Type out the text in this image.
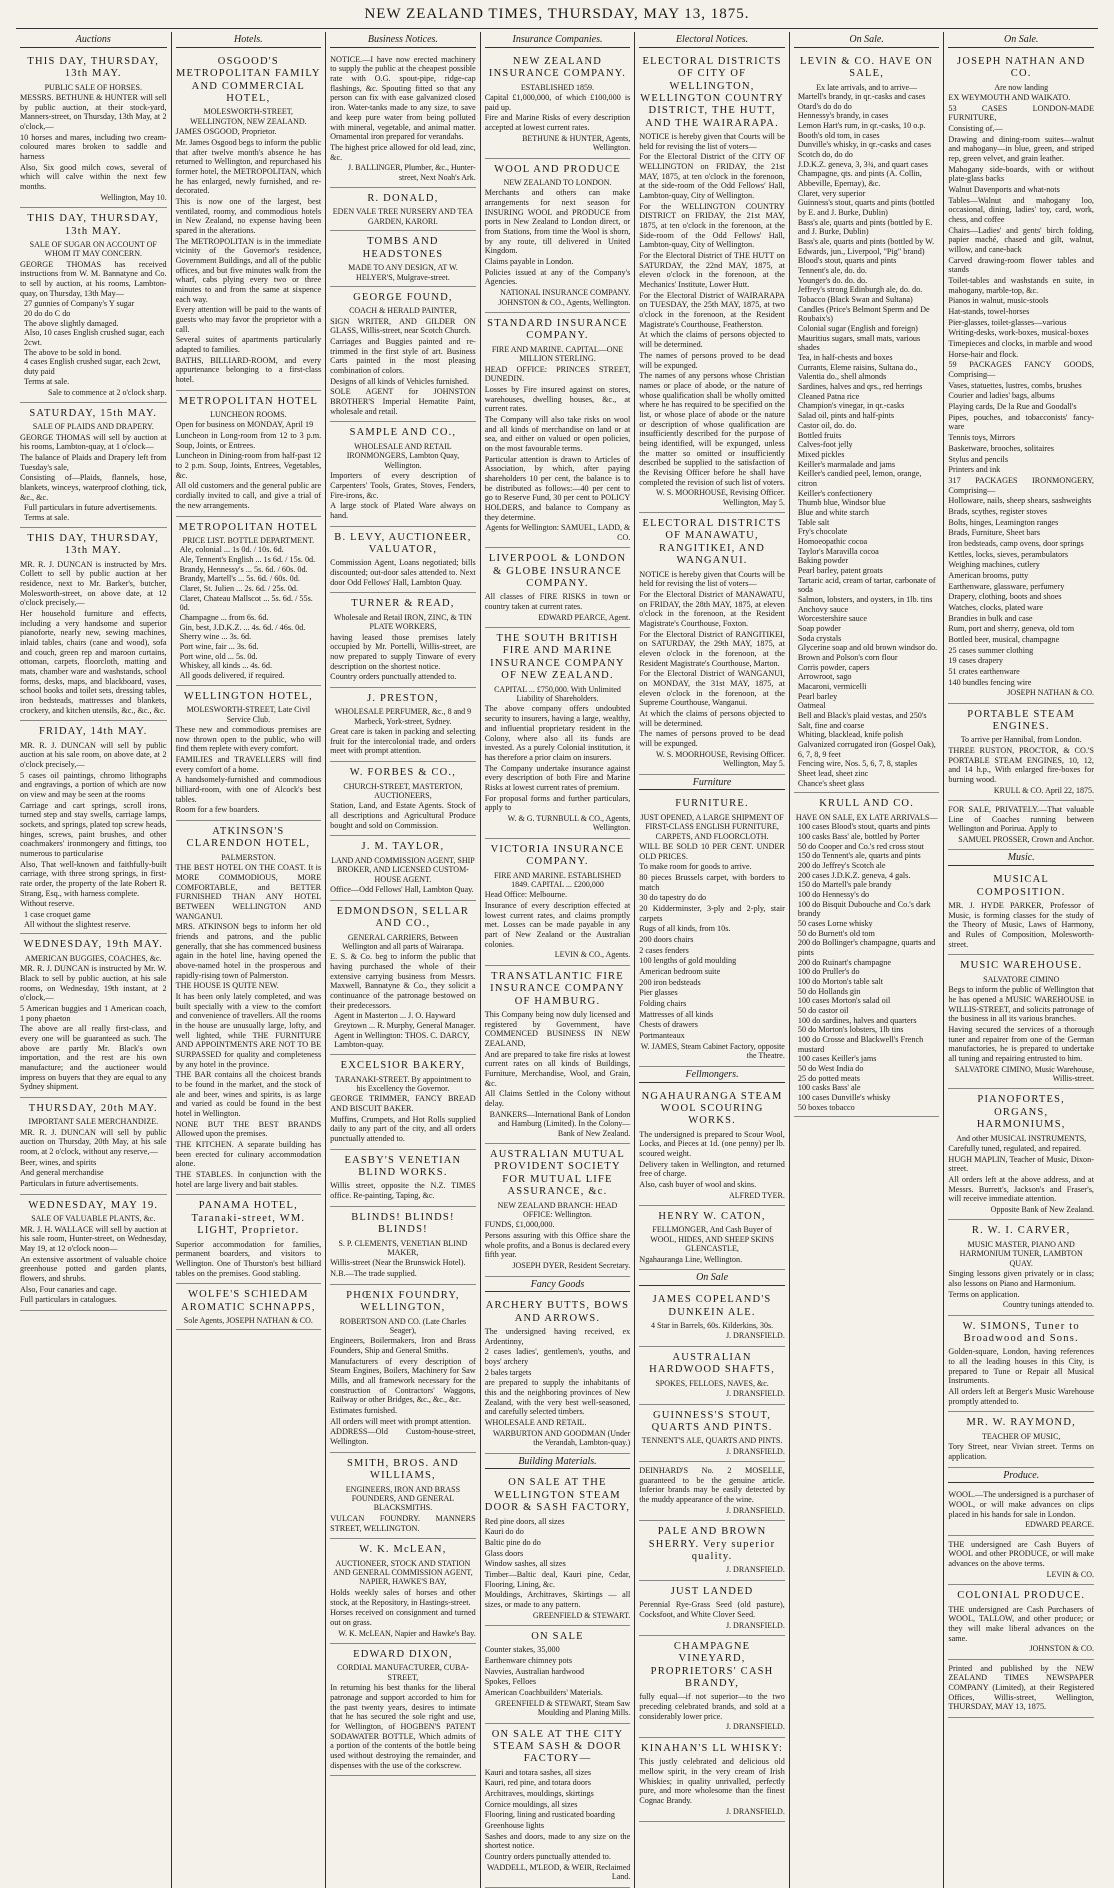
NEW ZEALAND TIMES, THURSDAY, MAY 13, 1875.
Auctions
THIS DAY, THURSDAY, 13th MAY.
PUBLIC SALE OF HORSES.

MESSRS. BETHUNE & HUNTER will sell by public auction, at their stock-yard, Manners-street, on Thursday, 13th May, at 2 o'clock,—

10 horses and mares, including two cream-coloured mares broken to saddle and harness

Also, Six good milch cows, several of which will calve within the next few months.

Wellington, May 10.
THIS DAY, THURSDAY, 13th MAY.
SALE OF SUGAR ON ACCOUNT OF WHOM IT MAY CONCERN.

GEORGE THOMAS has received instructions from W. M. Bannatyne and Co. to sell by auction, at his rooms, Lambton-quay, on Thursday, 13th May—

27 gunnies of Company's Y sugar

20 do do C do

The above slightly damaged.

Also, 10 cases English crushed sugar, each 2cwt.

The above to be sold in bond.

4 cases English crushed sugar, each 2cwt, duty paid

Terms at sale.

Sale to commence at 2 o'clock sharp.
SATURDAY, 15th MAY.
SALE OF PLAIDS AND DRAPERY.

GEORGE THOMAS will sell by auction at his rooms, Lambton-quay, at 1 o'clock—

The balance of Plaids and Drapery left from Tuesday's sale,

Consisting of—Plaids, flannels, hose, blankets, winceys, waterproof clothing, tick, &c., &c.

Full particulars in future advertisements.

Terms at sale.

THIS DAY, THURSDAY, 13th MAY.

MR. R. J. DUNCAN is instructed by Mrs. Collett to sell by public auction at her residence, next to Mr. Barker's, butcher, Molesworth-street, on above date, at 12 o'clock precisely,—

Her household furniture and effects, including a very handsome and superior pianoforte, nearly new, sewing machines, inlaid tables, chairs (cane and wood), sofa and couch, green rep and maroon curtains, ottoman, carpets, floorcloth, matting and mats, chamber ware and washstands, school forms, desks, maps, and blackboard, vases, school books and toilet sets, dressing tables, iron bedsteads, mattresses and blankets, crockery, and kitchen utensils, &c., &c., &c.

FRIDAY, 14th MAY.

MR. R. J. DUNCAN will sell by public auction at his sale room, on above date, at 2 o'clock precisely,—

5 cases oil paintings, chromo lithographs and engravings, a portion of which are now on view and may be seen at the rooms

Carriage and cart springs, scroll irons, turned step and stay swells, carriage lamps, sockets, and springs, plated top screw heads, hinges, screws, paint brushes, and other coachmakers' ironmongery and fittings, too numerous to particularise

Also, That well-known and faithfully-built carriage, with three strong springs, in first-rate order, the property of the late Robert R. Strang, Esq., with harness complete.

Without reserve.

1 case croquet game

All without the slightest reserve.

WEDNESDAY, 19th MAY.
AMERICAN BUGGIES, COACHES, &c.

MR. R. J. DUNCAN is instructed by Mr. W. Black to sell by public auction, at his sale rooms, on Wednesday, 19th instant, at 2 o'clock,—

5 American buggies and 1 American coach, 1 pony phaeton

The above are all really first-class, and every one will be guaranteed as such. The above are partly Mr. Black's own importation, and the rest are his own manufacture; and the auctioneer would impress on buyers that they are equal to any Sydney shipment.

THURSDAY, 20th MAY.
IMPORTANT SALE MERCHANDIZE.

MR. R. J. DUNCAN will sell by public auction on Thursday, 20th May, at his sale room, at 2 o'clock, without any reserve,—

Beer, wines, and spirits

And general merchandise

Particulars in future advertisements.

WEDNESDAY, MAY 19.
SALE OF VALUABLE PLANTS, &c.

MR. J. H. WALLACE will sell by auction at his sale room, Hunter-street, on Wednesday, May 19, at 12 o'clock noon—

An extensive assortment of valuable choice greenhouse potted and garden plants, flowers, and shrubs.

Also, Four canaries and cage.

Full particulars in catalogues.

Hotels.
OSGOOD'S METROPOLITAN FAMILY AND COMMERCIAL HOTEL,
MOLESWORTH-STREET, WELLINGTON, NEW ZEALAND.

JAMES OSGOOD, Proprietor.

Mr. James Osgood begs to inform the public that after twelve month's absence he has returned to Wellington, and repurchased his former hotel, the METROPOLITAN, which he has enlarged, newly furnished, and re-decorated.

This is now one of the largest, best ventilated, roomy, and commodious hotels in New Zealand, no expense having been spared in the alterations.

The METROPOLITAN is in the immediate vicinity of the Governor's residence, Government Buildings, and all of the public offices, and but five minutes walk from the wharf, cabs plying every two or three minutes to and from the same at sixpence each way.

Every attention will be paid to the wants of guests who may favor the proprietor with a call.

Several suites of apartments particularly adapted to families.

BATHS, BILLIARD-ROOM, and every appurtenance belonging to a first-class hotel.

METROPOLITAN HOTEL
LUNCHEON ROOMS.

Open for business on MONDAY, April 19

Luncheon in Long-room from 12 to 3 p.m. Soup, Joints, or Entrees.

Luncheon in Dining-room from half-past 12 to 2 p.m. Soup, Joints, Entrees, Vegetables, &c.

All old customers and the general public are cordially invited to call, and give a trial of the new arrangements.

METROPOLITAN HOTEL
PRICE LIST. BOTTLE DEPARTMENT.

Ale, colonial ... 1s 0d. / 10s. 6d.

Ale, Tennent's English ... 1s 6d. / 15s. 0d.

Brandy, Hennessy's ... 5s. 6d. / 60s. 0d.

Brandy, Martell's ... 5s. 6d. / 60s. 0d.

Claret, St. Julien ... 2s. 6d. / 25s. 0d.

Claret, Chateau Mallscot ... 5s. 6d. / 55s. 0d.

Champagne ... from 6s. 6d.

Gin, best, J.D.K.Z. ... 4s. 6d. / 46s. 0d.

Sherry wine ... 3s. 6d.

Port wine, fair ... 3s. 6d.

Port wine, old ... 5s. 0d.

Whiskey, all kinds ... 4s. 6d.

All goods delivered, if required.

WELLINGTON HOTEL,
MOLESWORTH-STREET, Late Civil Service Club.

These new and commodious premises are now thrown open to the public, who will find them replete with every comfort.

FAMILIES and TRAVELLERS will find every comfort of a home.

A handsomely-furnished and commodious billiard-room, with one of Alcock's best tables.

Room for a few boarders.

ATKINSON'S CLARENDON HOTEL,
PALMERSTON.

THE BEST HOTEL ON THE COAST. It is MORE COMMODIOUS, MORE COMFORTABLE, and BETTER FURNISHED THAN ANY HOTEL BETWEEN WELLINGTON AND WANGANUI.

MRS. ATKINSON begs to inform her old friends and patrons, and the public generally, that she has commenced business again in the hotel line, having opened the above-named hotel in the prosperous and rapidly-rising town of Palmerston.

THE HOUSE IS QUITE NEW.

It has been only lately completed, and was built specially with a view to the comfort and convenience of travellers. All the rooms in the house are unusually large, lofty, and well lighted, while THE FURNITURE AND APPOINTMENTS ARE NOT TO BE SURPASSED for quality and completeness by any hotel in the province.

THE BAR contains all the choicest brands to be found in the market, and the stock of ale and beer, wines and spirits, is as large and varied as could be found in the best hotel in Wellington.

NONE BUT THE BEST BRANDS Allowed upon the premises.

THE KITCHEN. A separate building has been erected for culinary accommodation alone.

THE STABLES. In conjunction with the hotel are large livery and bait stables.

PANAMA HOTEL, Taranaki-street, WM. LIGHT, Proprietor.

Superior accommodation for families, permanent boarders, and visitors to Wellington. One of Thurston's best billiard tables on the premises. Good stabling.

WOLFE'S SCHIEDAM AROMATIC SCHNAPPS,
Sole Agents, JOSEPH NATHAN & CO.
Business Notices.

NOTICE.—I have now erected machinery to supply the public at the cheapest possible rate with O.G. spout-pipe, ridge-cap flashings, &c. Spouting fitted so that any person can fix with ease galvanized closed iron. Water-tanks made to any size, to save and keep pure water from being polluted with mineral, vegetable, and animal matter. Ornamental iron prepared for verandahs.

The highest price allowed for old lead, zinc, &c.

J. BALLINGER, Plumber, &c., Hunter-street, Next Noah's Ark.
R. DONALD,
EDEN VALE TREE NURSERY AND TEA GARDEN, KARORI.
TOMBS AND HEADSTONES
MADE TO ANY DESIGN, AT W. HELYER'S, Mulgrave-street.
GEORGE FOUND,
COACH & HERALD PAINTER,

SIGN WRITER, AND GILDER ON GLASS, Willis-street, near Scotch Church.

Carriages and Buggies painted and re-trimmed in the first style of art. Business Carts painted in the most pleasing combination of colors.

Designs of all kinds of Vehicles furnished.

SOLE AGENT for JOHNSTON BROTHER'S Imperial Hematite Paint, wholesale and retail.

SAMPLE AND CO.,
WHOLESALE AND RETAIL IRONMONGERS, Lambton Quay, Wellington.

Importers of every description of Carpenters' Tools, Grates, Stoves, Fenders, Fire-irons, &c.

A large stock of Plated Ware always on hand.

B. LEVY, AUCTIONEER, VALUATOR,

Commission Agent, Loans negotiated; bills discounted; out-door sales attended to. Next door Odd Fellows' Hall, Lambton Quay.

TURNER & READ,
Wholesale and Retail IRON, ZINC, & TIN PLATE WORKERS,

having leased those premises lately occupied by Mr. Portelli, Willis-street, are now prepared to supply Tinware of every description on the shortest notice.

Country orders punctually attended to.

J. PRESTON,
WHOLESALE PERFUMER, &c., 8 and 9 Marbeck, York-street, Sydney.

Great care is taken in packing and selecting fruit for the intercolonial trade, and orders meet with prompt attention.

W. FORBES & CO.,
CHURCH-STREET, MASTERTON, AUCTIONEERS,

Station, Land, and Estate Agents. Stock of all descriptions and Agricultural Produce bought and sold on Commission.

J. M. TAYLOR,
LAND AND COMMISSION AGENT, SHIP BROKER, AND LICENSED CUSTOM-HOUSE AGENT.

Office—Odd Fellows' Hall, Lambton Quay.

EDMONDSON, SELLAR AND CO.,
GENERAL CARRIERS, Between Wellington and all parts of Wairarapa.

E. S. & Co. beg to inform the public that having purchased the whole of their extensive carrying business from Messrs. Maxwell, Bannatyne & Co., they solicit a continuance of the patronage bestowed on their predecessors.

Agent in Masterton ... J. O. Hayward

Greytown ... R. Murphy, General Manager.

Agent in Wellington: THOS. C. DARCY, Lambton-quay.

EXCELSIOR BAKERY,
TARANAKI-STREET. By appointment to his Excellency the Governor.

GEORGE TRIMMER, FANCY BREAD AND BISCUIT BAKER.

Muffins, Crumpets, and Hot Rolls supplied daily to any part of the city, and all orders punctually attended to.

EASBY'S VENETIAN BLIND WORKS.

Willis street, opposite the N.Z. TIMES office. Re-painting, Taping, &c.

BLINDS! BLINDS! BLINDS!
S. P. CLEMENTS, VENETIAN BLIND MAKER,

Willis-street (Near the Brunswick Hotel).

N.B.—The trade supplied.

PHŒNIX FOUNDRY, WELLINGTON,
ROBERTSON AND CO. (Late Charles Seager),

Engineers, Boilermakers, Iron and Brass Founders, Ship and General Smiths.

Manufacturers of every description of Steam Engines, Boilers, Machinery for Saw Mills, and all framework necessary for the construction of Contractors' Waggons, Railway or other Bridges, &c., &c., &c.

Estimates furnished.

All orders will meet with prompt attention.

ADDRESS—Old Custom-house-street, Wellington.

SMITH, BROS. AND WILLIAMS,
ENGINEERS, IRON AND BRASS FOUNDERS, AND GENERAL BLACKSMITHS.

VULCAN FOUNDRY. MANNERS STREET, WELLINGTON.

W. K. McLEAN,
AUCTIONEER, STOCK AND STATION AND GENERAL COMMISSION AGENT, NAPIER, HAWKE'S BAY,

Holds weekly sales of horses and other stock, at the Repository, in Hastings-street.

Horses received on consignment and turned out on grass.

W. K. McLEAN, Napier and Hawke's Bay.
EDWARD DIXON,
CORDIAL MANUFACTURER, CUBA-STREET,

In returning his best thanks for the liberal patronage and support accorded to him for the past twenty years, desires to intimate that he has secured the sole right and use, for Wellington, of HOGBEN'S PATENT SODAWATER BOTTLE, Which admits of a portion of the contents of the bottle being used without destroying the remainder, and dispenses with the use of the corkscrew.

Insurance Companies.
NEW ZEALAND INSURANCE COMPANY.
ESTABLISHED 1859.

Capital £1,000,000, of which £100,000 is paid up.

Fire and Marine Risks of every description accepted at lowest current rates.

BETHUNE & HUNTER, Agents, Wellington.
WOOL AND PRODUCE
NEW ZEALAND TO LONDON.

Merchants and others can make arrangements for next season for INSURING WOOL and PRODUCE from ports in New Zealand to London direct, or from Stations, from time the Wool is shorn, by any route, till delivered in United Kingdom.

Claims payable in London.

Policies issued at any of the Company's Agencies.

NATIONAL INSURANCE COMPANY. JOHNSTON & CO., Agents, Wellington.
STANDARD INSURANCE COMPANY.
FIRE AND MARINE. CAPITAL—ONE MILLION STERLING.

HEAD OFFICE: PRINCES STREET, DUNEDIN.

Losses by Fire insured against on stores, warehouses, dwelling houses, &c., at current rates.

The Company will also take risks on wool and all kinds of merchandise on land or at sea, and either on valued or open policies, on the most favourable terms.

Particular attention is drawn to Articles of Association, by which, after paying shareholders 10 per cent, the balance is to be distributed as follows:—40 per cent to go to Reserve Fund, 30 per cent to POLICY HOLDERS, and balance to Company as they determine.

Agents for Wellington: SAMUEL, LADD, & CO.
LIVERPOOL & LONDON & GLOBE INSURANCE COMPANY.

All classes of FIRE RISKS in town or country taken at current rates.

EDWARD PEARCE, Agent.
THE SOUTH BRITISH FIRE AND MARINE INSURANCE COMPANY OF NEW ZEALAND.
CAPITAL ... £750,000. With Unlimited Liability of Shareholders.

The above company offers undoubted security to insurers, having a large, wealthy, and influential proprietary resident in the Colony, where also all its funds are invested. As a purely Colonial institution, it has therefore a prior claim on insurers.

The Company undertake insurance against every description of both Fire and Marine Risks at lowest current rates of premium.

For proposal forms and further particulars, apply to

W. & G. TURNBULL & CO., Agents, Wellington.
VICTORIA INSURANCE COMPANY.
FIRE AND MARINE. ESTABLISHED 1849. CAPITAL ... £200,000

Head Office: Melbourne.

Insurance of every description effected at lowest current rates, and claims promptly met. Losses can be made payable in any part of New Zealand or the Australian colonies.

LEVIN & CO., Agents.
TRANSATLANTIC FIRE INSURANCE COMPANY OF HAMBURG.

This Company being now duly licensed and registered by Government, have COMMENCED BUSINESS IN NEW ZEALAND,

And are prepared to take fire risks at lowest current rates on all kinds of Buildings, Furniture, Merchandise, Wool, and Grain, &c.

All Claims Settled in the Colony without delay.

BANKERS—International Bank of London and Hamburg (Limited). In the Colony—Bank of New Zealand.
AUSTRALIAN MUTUAL PROVIDENT SOCIETY FOR MUTUAL LIFE ASSURANCE, &c.
NEW ZEALAND BRANCH: HEAD OFFICE: Wellington.

FUNDS, £1,000,000.

Persons assuring with this Office share the whole profits, and a Bonus is declared every fifth year.

JOSEPH DYER, Resident Secretary.
Fancy Goods
ARCHERY BUTTS, BOWS AND ARROWS.

The undersigned having received, ex Ardentinny,

2 cases ladies', gentlemen's, youths, and boys' archery

2 bales targets

are prepared to supply the inhabitants of this and the neighboring provinces of New Zealand, with the very best well-seasoned, and carefully selected timbers.

WHOLESALE AND RETAIL.

WARBURTON AND GOODMAN (Under the Verandah, Lambton-quay.)
Building Materials.
ON SALE AT THE WELLINGTON STEAM DOOR & SASH FACTORY,

Red pine doors, all sizes

Kauri do do

Baltic pine do do

Glass doors

Window sashes, all sizes

Timber—Baltic deal, Kauri pine, Cedar, Flooring, Lining, &c.

Mouldings, Architraves, Skirtings — all sizes, or made to any pattern.

GREENFIELD & STEWART.
ON SALE

Counter stakes, 35,000

Earthenware chimney pots

Navvies, Australian hardwood

Spokes, Felloes

American Coachbuilders' Materials.

GREENFIELD & STEWART, Steam Saw Moulding and Planing Mills.
ON SALE AT THE CITY STEAM SASH & DOOR FACTORY—

Kauri and totara sashes, all sizes

Kauri, red pine, and totara doors

Architraves, mouldings, skirtings

Cornice mouldings, all sizes

Flooring, lining and rusticated boarding

Greenhouse lights

Sashes and doors, made to any size on the shortest notice.

Country orders punctually attended to.

WADDELL, M'LEOD, & WEIR, Reclaimed Land.
Electoral Notices.
ELECTORAL DISTRICTS OF CITY OF WELLINGTON, WELLINGTON COUNTRY DISTRICT, THE HUTT, AND THE WAIRARAPA.

NOTICE is hereby given that Courts will be held for revising the list of voters—

For the Electoral District of the CITY OF WELLINGTON on FRIDAY, the 21st MAY, 1875, at ten o'clock in the forenoon, at the side-room of the Odd Fellows' Hall, Lambton-quay, City of Wellington.

For the WELLINGTON COUNTRY DISTRICT on FRIDAY, the 21st MAY, 1875, at ten o'clock in the forenoon, at the Side-room of the Odd Fellows' Hall, Lambton-quay, City of Wellington.

For the Electoral District of THE HUTT on SATURDAY, the 22nd MAY, 1875, at eleven o'clock in the forenoon, at the Mechanics' Institute, Lower Hutt.

For the Electoral District of WAIRARAPA on TUESDAY, the 25th MAY, 1875, at two o'clock in the forenoon, at the Resident Magistrate's Courthouse, Featherston.

At which the claims of persons objected to will be determined.

The names of persons proved to be dead will be expunged.

The names of any persons whose Christian names or place of abode, or the nature of whose qualification shall be wholly omitted where he has required to be specified on the list, or whose place of abode or the nature or description of whose qualification are insufficiently described for the purpose of being identified, will be expunged, unless the matter so omitted or insufficiently described be supplied to the satisfaction of the Revising Officer before he shall have completed the revision of such list of voters.

W. S. MOORHOUSE, Revising Officer. Wellington, May 5.
ELECTORAL DISTRICTS OF MANAWATU, RANGITIKEI, AND WANGANUI.

NOTICE is hereby given that Courts will be held for revising the list of voters—

For the Electoral District of MANAWATU, on FRIDAY, the 28th MAY, 1875, at eleven o'clock in the forenoon, at the Resident Magistrate's Courthouse, Foxton.

For the Electoral District of RANGITIKEI, on SATURDAY, the 29th MAY, 1875, at eleven o'clock in the forenoon, at the Resident Magistrate's Courthouse, Marton.

For the Electoral District of WANGANUI, on MONDAY, the 31st MAY, 1875, at eleven o'clock in the forenoon, at the Supreme Courthouse, Wanganui.

At which the claims of persons objected to will be determined.

The names of persons proved to be dead will be expunged.

W. S. MOORHOUSE, Revising Officer. Wellington, May 5.
Furniture
FURNITURE.
JUST OPENED, A LARGE SHIPMENT OF FIRST-CLASS ENGLISH FURNITURE, CARPETS, AND FLOORCLOTH.

WILL BE SOLD 10 PER CENT. UNDER OLD PRICES.

To make room for goods to arrive.

80 pieces Brussels carpet, with borders to match

30 do tapestry do do

20 Kidderminster, 3-ply and 2-ply, stair carpets

Rugs of all kinds, from 10s.

200 doors chairs

2 cases fenders

100 lengths of gold moulding

American bedroom suite

200 iron bedsteads

Pier glasses

Folding chairs

Mattresses of all kinds

Chests of drawers

Portmanteaux

W. JAMES, Steam Cabinet Factory, opposite the Theatre.
Fellmongers.
NGAHAURANGA STEAM WOOL SCOURING WORKS.

The undersigned is prepared to Scour Wool, Locks, and Pieces at 1d. (one penny) per lb. scoured weight.

Delivery taken in Wellington, and returned free of charge.

Also, cash buyer of wool and skins.

ALFRED TYER.
HENRY W. CATON,
FELLMONGER, And Cash Buyer of WOOL, HIDES, AND SHEEP SKINS GLENCASTLE,

Ngahauranga Line, Wellington.

On Sale
JAMES COPELAND'S DUNKEIN ALE.
4 Star in Barrels, 60s. Kilderkins, 30s.
J. DRANSFIELD.
AUSTRALIAN HARDWOOD SHAFTS,
SPOKES, FELLOES, NAVES, &c.
J. DRANSFIELD.
GUINNESS'S STOUT, QUARTS AND PINTS.
TENNENT'S ALE, QUARTS AND PINTS.
J. DRANSFIELD.

DEINHARD'S No. 2 MOSELLE, guaranteed to be the genuine article. Inferior brands may be easily detected by the muddy appearance of the wine.

J. DRANSFIELD.
PALE AND BROWN SHERRY. Very superior quality.
J. DRANSFIELD.
JUST LANDED

Perennial Rye-Grass Seed (old pasture), Cocksfoot, and White Clover Seed.

J. DRANSFIELD.
CHAMPAGNE VINEYARD, PROPRIETORS' CASH BRANDY,

fully equal—if not superior—to the two preceding celebrated brands, and sold at a considerably lower price.

J. DRANSFIELD.
KINAHAN'S LL WHISKY:

This justly celebrated and delicious old mellow spirit, in the very cream of Irish Whiskies; in quality unrivalled, perfectly pure, and more wholesome than the finest Cognac Brandy.

J. DRANSFIELD.
On Sale.
LEVIN & CO. HAVE ON SALE,
Ex late arrivals, and to arrive—

Martell's brandy, in qr.-casks and cases

Otard's do do do

Hennessy's brandy, in cases

Lemon Hart's rum, in qr.-casks, 10 o.p.

Booth's old tom, in cases

Dunville's whisky, in qr.-casks and cases

Scotch do, do do

J.D.K.Z. geneva, 3, 3¾, and quart cases

Champagne, qts. and pints (A. Collin, Abbeville, Epernay), &c.

Claret, very superior

Guinness's stout, quarts and pints (bottled by E. and J. Burke, Dublin)

Bass's ale, quarts and pints (bottled by E. and J. Burke, Dublin)

Bass's ale, quarts and pints (bottled by W. Edwards, jun., Liverpool, "Pig" brand)

Blood's stout, quarts and pints

Tennent's ale, do. do.

Younger's do. do. do.

Jeffrey's strong Edinburgh ale, do. do.

Tobacco (Black Swan and Sultana)

Candles (Price's Belmont Sperm and De Roubaix's)

Colonial sugar (English and foreign)

Mauritius sugars, small mats, various shades

Tea, in half-chests and boxes

Currants, Eleme raisins, Sultana do., Valentia do., shell almonds

Sardines, halves and qrs., red herrings

Cleaned Patna rice

Champion's vinegar, in qr.-casks

Salad oil, pints and half-pints

Castor oil, do. do.

Bottled fruits

Calves-foot jelly

Mixed pickles

Keiller's marmalade and jams

Keiller's candied peel, lemon, orange, citron

Keiller's confectionery

Thumb blue, Windsor blue

Blue and white starch

Table salt

Fry's chocolate

Homoeopathic cocoa

Taylor's Maravilla cocoa

Baking powder

Pearl barley, patent groats

Tartaric acid, cream of tartar, carbonate of soda

Salmon, lobsters, and oysters, in 1lb. tins

Anchovy sauce

Worcestershire sauce

Soap powder

Soda crystals

Glycerine soap and old brown windsor do.

Brown and Polson's corn flour

Corris powder, capers

Arrowroot, sago

Macaroni, vermicelli

Pearl barley

Oatmeal

Bell and Black's plaid vestas, and 250's

Salt, fine and coarse

Whiting, blacklead, knife polish

Galvanized corrugated iron (Gospel Oak), 6, 7, 8, 9 feet

Fencing wire, Nos. 5, 6, 7, 8, staples

Sheet lead, sheet zinc

Chance's sheet glass

KRULL AND CO.
HAVE ON SALE, EX LATE ARRIVALS—

100 cases Blood's stout, quarts and pints

100 casks Bass' ale, bottled by Porter

50 do Cooper and Co.'s red cross stout

150 do Tennent's ale, quarts and pints

200 do Jeffrey's Scotch ale

200 cases J.D.K.Z. geneva, 4 gals.

150 do Martell's pale brandy

100 do Hennessy's do

100 do Bisquit Dubouche and Co.'s dark brandy

50 cases Lorne whisky

50 do Burnett's old tom

200 do Bollinger's champagne, quarts and pints

200 do Ruinart's champagne

100 do Pruller's do

100 do Morton's table salt

50 do Hollands gin

100 cases Morton's salad oil

50 do castor oil

100 do sardines, halves and quarters

50 do Morton's lobsters, 1lb tins

100 do Crosse and Blackwell's French mustard

100 cases Keiller's jams

50 do West India do

25 do potted meats

100 casks Bass' ale

100 cases Dunville's whisky

50 boxes tobacco

On Sale.
JOSEPH NATHAN AND CO.
Are now landing

EX WEYMOUTH AND WAIKATO.

53 CASES LONDON-MADE FURNITURE,

Consisting of,—

Drawing and dining-room suites—walnut and mahogany—in blue, green, and striped rep, green velvet, and grain leather.

Mahogany side-boards, with or without plate-glass backs

Walnut Davenports and what-nots

Tables—Walnut and mahogany loo, occasional, dining, ladies' toy, card, work, chess, and coffee

Chairs—Ladies' and gents' birch folding, papier maché, chased and gilt, walnut, willow, and cane-back

Carved drawing-room flower tables and stands

Toilet-tables and washstands en suite, in mahogany, marble-top, &c.

Pianos in walnut, music-stools

Hat-stands, towel-horses

Pier-glasses, toilet-glasses—various

Writing-desks, work-boxes, musical-boxes

Timepieces and clocks, in marble and wood

Horse-hair and flock.

59 PACKAGES FANCY GOODS, Comprising—

Vases, statuettes, lustres, combs, brushes

Courier and ladies' bags, albums

Playing cards, De la Rue and Goodall's

Pipes, pouches, and tobacconists' fancy-ware

Tennis toys, Mirrors

Basketware, brooches, solitaires

Stylus and pencils

Printers and ink

317 PACKAGES IRONMONGERY, Comprising—

Holloware, nails, sheep shears, sashweights

Brads, scythes, register stoves

Bolts, hinges, Leamington ranges

Brads, Furniture, Sheet bars

Iron bedsteads, camp ovens, door springs

Kettles, locks, sieves, perambulators

Weighing machines, cutlery

American brooms, putty

Earthenware, glassware, perfumery

Drapery, clothing, boots and shoes

Watches, clocks, plated ware

Brandies in bulk and case

Rum, port and sherry, geneva, old tom

Bottled beer, musical, champagne

25 cases summer clothing

19 cases drapery

51 crates earthenware

140 bundles fencing wire

JOSEPH NATHAN & CO.
PORTABLE STEAM ENGINES.
To arrive per Hannibal, from London.

THREE RUSTON, PROCTOR, & CO.'S PORTABLE STEAM ENGINES, 10, 12, and 14 h.p., With enlarged fire-boxes for burning wood.

KRULL & CO. April 22, 1875.

FOR SALE, PRIVATELY.—That valuable Line of Coaches running between Wellington and Porirua. Apply to

SAMUEL PROSSER, Crown and Anchor.
Music.
MUSICAL COMPOSITION.

MR. J. HYDE PARKER, Professor of Music, is forming classes for the study of the Theory of Music, Laws of Harmony, and Rules of Composition, Molesworth-street.

MUSIC WAREHOUSE.
SALVATORE CIMINO

Begs to inform the public of Wellington that he has opened a MUSIC WAREHOUSE in WILLIS-STREET, and solicits patronage of the business in all its various branches.

Having secured the services of a thorough tuner and repairer from one of the German manufactories, he is prepared to undertake all tuning and repairing entrusted to him.

SALVATORE CIMINO, Music Warehouse, Willis-street.
PIANOFORTES, ORGANS, HARMONIUMS,
And other MUSICAL INSTRUMENTS,

Carefully tuned, regulated, and repaired.

HUGH MAPLIN, Teacher of Music, Dixon-street.

All orders left at the above address, and at Messrs. Burrett's, Jackson's and Fraser's, will receive immediate attention.

Opposite Bank of New Zealand.
R. W. I. CARVER,
MUSIC MASTER, PIANO AND HARMONIUM TUNER, LAMBTON QUAY.

Singing lessons given privately or in class; also lessons on Piano and Harmonium.

Terms on application.

Country tunings attended to.
W. SIMONS, Tuner to Broadwood and Sons.

Golden-square, London, having references to all the leading houses in this City, is prepared to Tune or Repair all Musical Instruments.

All orders left at Berger's Music Warehouse promptly attended to.

MR. W. RAYMOND,
TEACHER OF MUSIC,

Tory Street, near Vivian street. Terms on application.

Produce.

WOOL.—The undersigned is a purchaser of WOOL, or will make advances on clips placed in his hands for sale in London.

EDWARD PEARCE.

THE undersigned are Cash Buyers of WOOL and other PRODUCE, or will make advances on the above terms.

LEVIN & CO.
COLONIAL PRODUCE.

THE undersigned are Cash Purchasers of WOOL, TALLOW, and other produce; or they will make liberal advances on the same.

JOHNSTON & CO.

Printed and published by the NEW ZEALAND TIMES NEWSPAPER COMPANY (Limited), at their Registered Offices, Willis-street, Wellington, THURSDAY, MAY 13, 1875.
